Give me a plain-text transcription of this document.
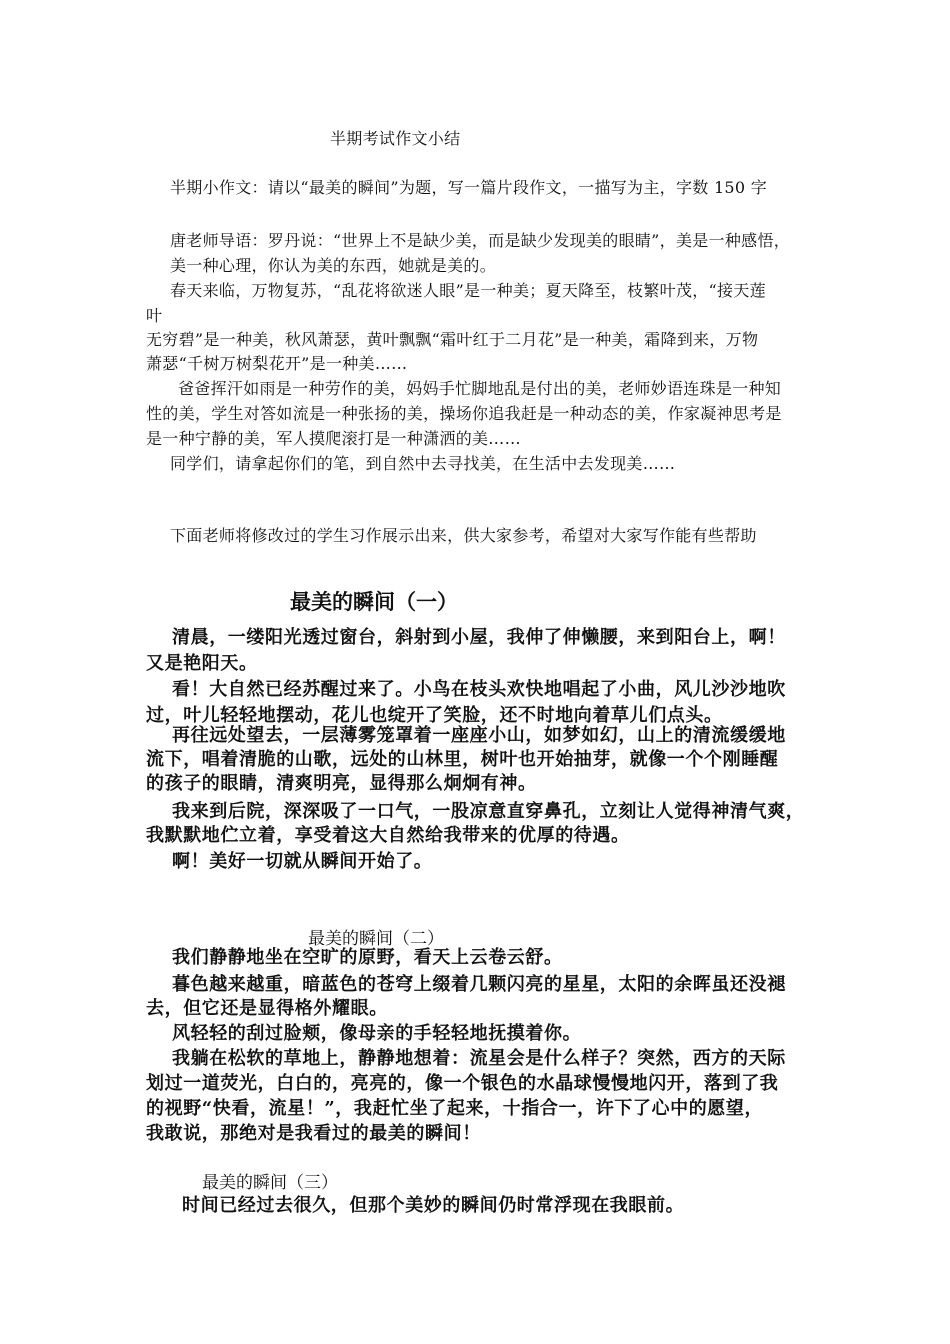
半期考试作文小结
半期小作文：请以“最美的瞬间”为题，写一篇片段作文，一描写为主，字数 150 字
唐老师导语：罗丹说：“世界上不是缺少美，而是缺少发现美的眼睛”，美是一种感悟，
美一种心理，你认为美的东西，她就是美的。
春天来临，万物复苏，“乱花将欲迷人眼”是一种美；夏天降至，枝繁叶茂，“接天莲
叶
无穷碧”是一种美，秋风萧瑟，黄叶飘飘“霜叶红于二月花”是一种美，霜降到来，万物
萧瑟“千树万树梨花开”是一种美……
爸爸挥汗如雨是一种劳作的美，妈妈手忙脚地乱是付出的美，老师妙语连珠是一种知
性的美，学生对答如流是一种张扬的美，操场你追我赶是一种动态的美，作家凝神思考是
是一种宁静的美，军人摸爬滚打是一种潇洒的美……
同学们，请拿起你们的笔，到自然中去寻找美，在生活中去发现美……
下面老师将修改过的学生习作展示出来，供大家参考，希望对大家写作能有些帮助
最美的瞬间（一）
清晨，一缕阳光透过窗台，斜射到小屋，我伸了伸懒腰，来到阳台上，啊！
又是艳阳天。
看！大自然已经苏醒过来了。小鸟在枝头欢快地唱起了小曲，风儿沙沙地吹
过，叶儿轻轻地摆动，花儿也绽开了笑脸，还不时地向着草儿们点头。
再往远处望去，一层薄雾笼罩着一座座小山，如梦如幻，山上的清流缓缓地
流下，唱着清脆的山歌，远处的山林里，树叶也开始抽芽，就像一个个刚睡醒
的孩子的眼睛，清爽明亮，显得那么炯炯有神。
我来到后院，深深吸了一口气，一股凉意直穿鼻孔，立刻让人觉得神清气爽，
我默默地伫立着，享受着这大自然给我带来的优厚的待遇。
啊！美好一切就从瞬间开始了。
最美的瞬间（二）
我们静静地坐在空旷的原野，看天上云卷云舒。
暮色越来越重，暗蓝色的苍穹上缀着几颗闪亮的星星，太阳的余晖虽还没褪
去，但它还是显得格外耀眼。
风轻轻的刮过脸颊，像母亲的手轻轻地抚摸着你。
我躺在松软的草地上，静静地想着：流星会是什么样子？突然，西方的天际
划过一道荧光，白白的，亮亮的，像一个银色的水晶球慢慢地闪开，落到了我
的视野“快看，流星！”，我赶忙坐了起来，十指合一，许下了心中的愿望，
我敢说，那绝对是我看过的最美的瞬间！
最美的瞬间（三）
时间已经过去很久，但那个美妙的瞬间仍时常浮现在我眼前。
